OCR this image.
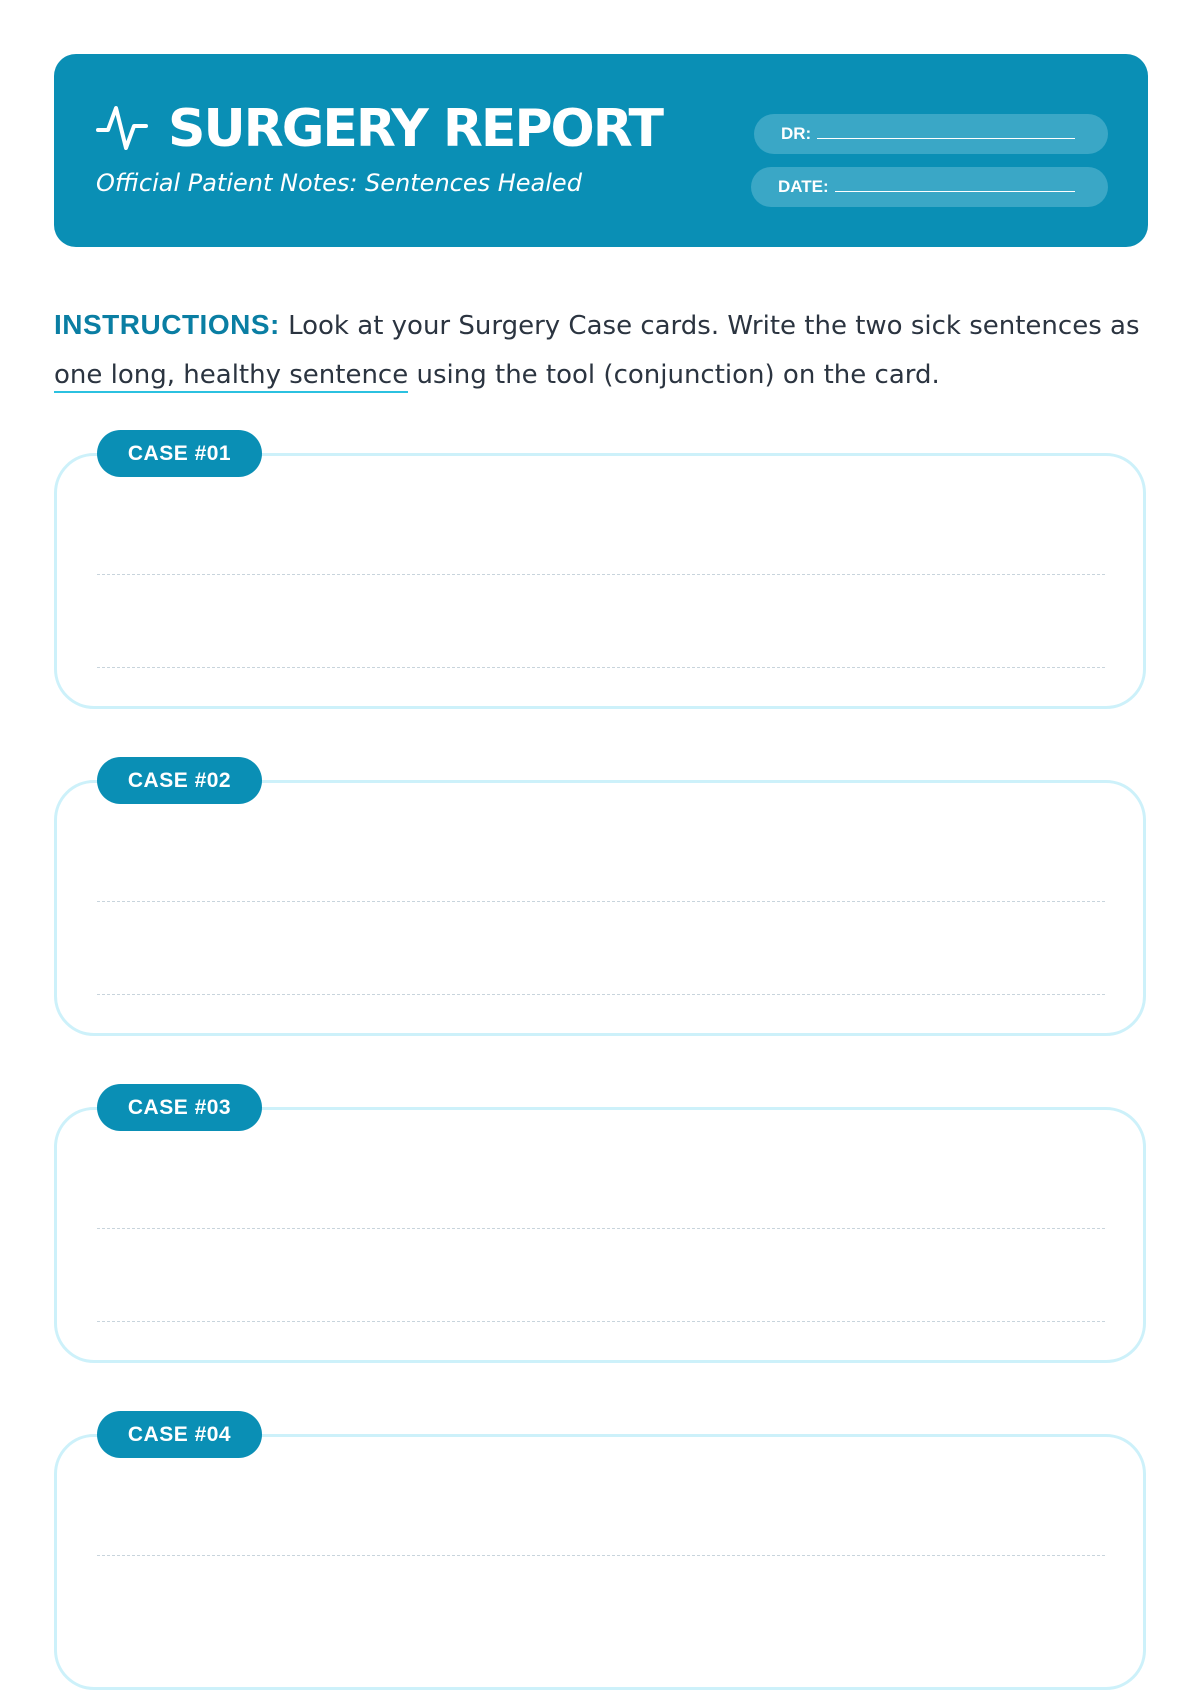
SURGERY REPORT
Official Patient Notes: Sentences Healed
DR:
DATE:
INSTRUCTIONS: Look at your Surgery Case cards. Write the two sick sentences as one long, healthy sentence using the tool (conjunction) on the card.
CASE #01
CASE #02
CASE #03
CASE #04
